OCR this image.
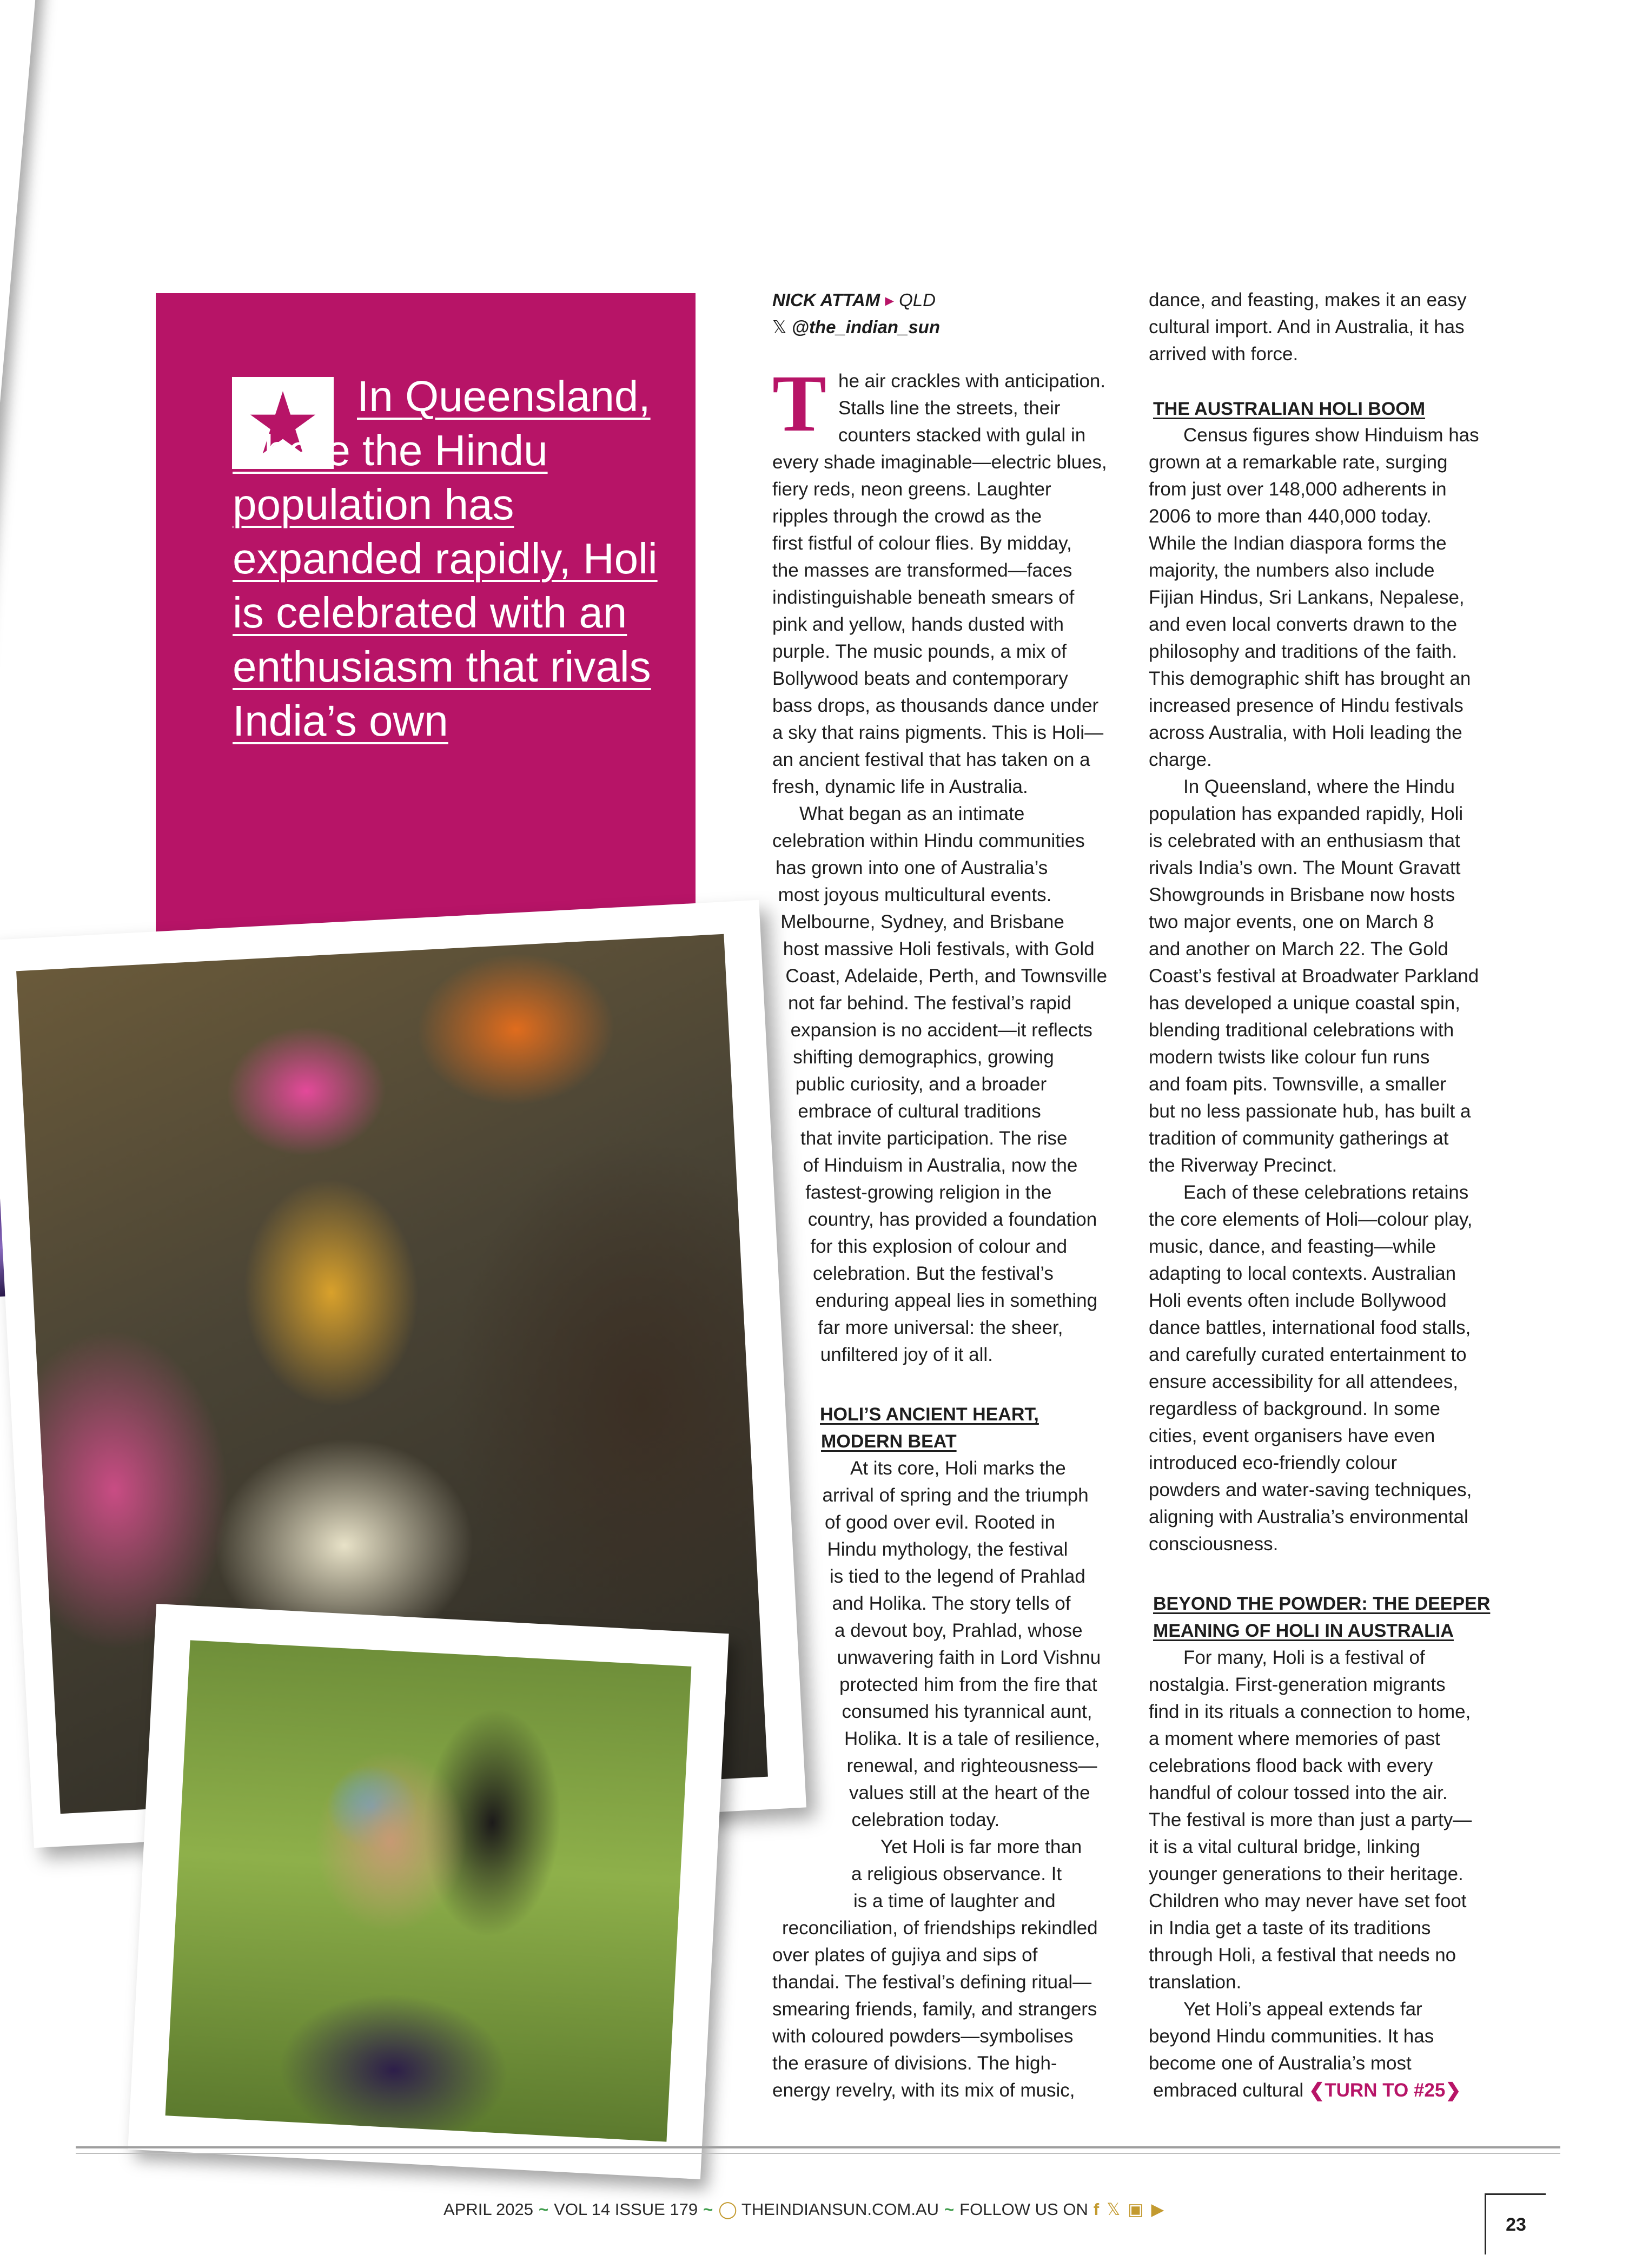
In Queensland, where the Hindu population has expanded rapidly, Holi is celebrated with an enthusiasm that rivals India’s own

NICK ATTAM ▸ QLD
𝕏 @the_indian_sun
T
HOLI’S ANCIENT HEART,
MODERN BEAT
THE AUSTRALIAN HOLI BOOM
BEYOND THE POWDER: THE DEEPER
MEANING OF HOLI IN AUSTRALIA
embraced cultural ❮TURN TO #25❯
APRIL 2025 ~ VOL 14 ISSUE 179 ~ ◯ THEINDIANSUN.COM.AU ~ FOLLOW US ON f 𝕏 ▣ ▶
23
he air crackles with anticipation.
Stalls line the streets, their
counters stacked with gulal in
every shade imaginable—electric blues,
fiery reds, neon greens. Laughter
ripples through the crowd as the
first fistful of colour flies. By midday,
the masses are transformed—faces
indistinguishable beneath smears of
pink and yellow, hands dusted with
purple. The music pounds, a mix of
Bollywood beats and contemporary
bass drops, as thousands dance under
a sky that rains pigments. This is Holi—
an ancient festival that has taken on a
fresh, dynamic life in Australia.
What began as an intimate
celebration within Hindu communities
has grown into one of Australia’s
most joyous multicultural events.
Melbourne, Sydney, and Brisbane
host massive Holi festivals, with Gold
Coast, Adelaide, Perth, and Townsville
not far behind. The festival’s rapid
expansion is no accident—it reflects
shifting demographics, growing
public curiosity, and a broader
embrace of cultural traditions
that invite participation. The rise
of Hinduism in Australia, now the
fastest-growing religion in the
country, has provided a foundation
for this explosion of colour and
celebration. But the festival’s
enduring appeal lies in something
far more universal: the sheer,
unfiltered joy of it all.
At its core, Holi marks the
arrival of spring and the triumph
of good over evil. Rooted in
Hindu mythology, the festival
is tied to the legend of Prahlad
and Holika. The story tells of
a devout boy, Prahlad, whose
unwavering faith in Lord Vishnu
protected him from the fire that
consumed his tyrannical aunt,
Holika. It is a tale of resilience,
renewal, and righteousness—
values still at the heart of the
celebration today.
Yet Holi is far more than
a religious observance. It
is a time of laughter and
reconciliation, of friendships rekindled
over plates of gujiya and sips of
thandai. The festival’s defining ritual—
smearing friends, family, and strangers
with coloured powders—symbolises
the erasure of divisions. The high-
energy revelry, with its mix of music,
dance, and feasting, makes it an easy
cultural import. And in Australia, it has
arrived with force.
Census figures show Hinduism has
grown at a remarkable rate, surging
from just over 148,000 adherents in
2006 to more than 440,000 today.
While the Indian diaspora forms the
majority, the numbers also include
Fijian Hindus, Sri Lankans, Nepalese,
and even local converts drawn to the
philosophy and traditions of the faith.
This demographic shift has brought an
increased presence of Hindu festivals
across Australia, with Holi leading the
charge.
In Queensland, where the Hindu
population has expanded rapidly, Holi
is celebrated with an enthusiasm that
rivals India’s own. The Mount Gravatt
Showgrounds in Brisbane now hosts
two major events, one on March 8
and another on March 22. The Gold
Coast’s festival at Broadwater Parkland
has developed a unique coastal spin,
blending traditional celebrations with
modern twists like colour fun runs
and foam pits. Townsville, a smaller
but no less passionate hub, has built a
tradition of community gatherings at
the Riverway Precinct.
Each of these celebrations retains
the core elements of Holi—colour play,
music, dance, and feasting—while
adapting to local contexts. Australian
Holi events often include Bollywood
dance battles, international food stalls,
and carefully curated entertainment to
ensure accessibility for all attendees,
regardless of background. In some
cities, event organisers have even
introduced eco-friendly colour
powders and water-saving techniques,
aligning with Australia’s environmental
consciousness.
For many, Holi is a festival of
nostalgia. First-generation migrants
find in its rituals a connection to home,
a moment where memories of past
celebrations flood back with every
handful of colour tossed into the air.
The festival is more than just a party—
it is a vital cultural bridge, linking
younger generations to their heritage.
Children who may never have set foot
in India get a taste of its traditions
through Holi, a festival that needs no
translation.
Yet Holi’s appeal extends far
beyond Hindu communities. It has
become one of Australia’s most
